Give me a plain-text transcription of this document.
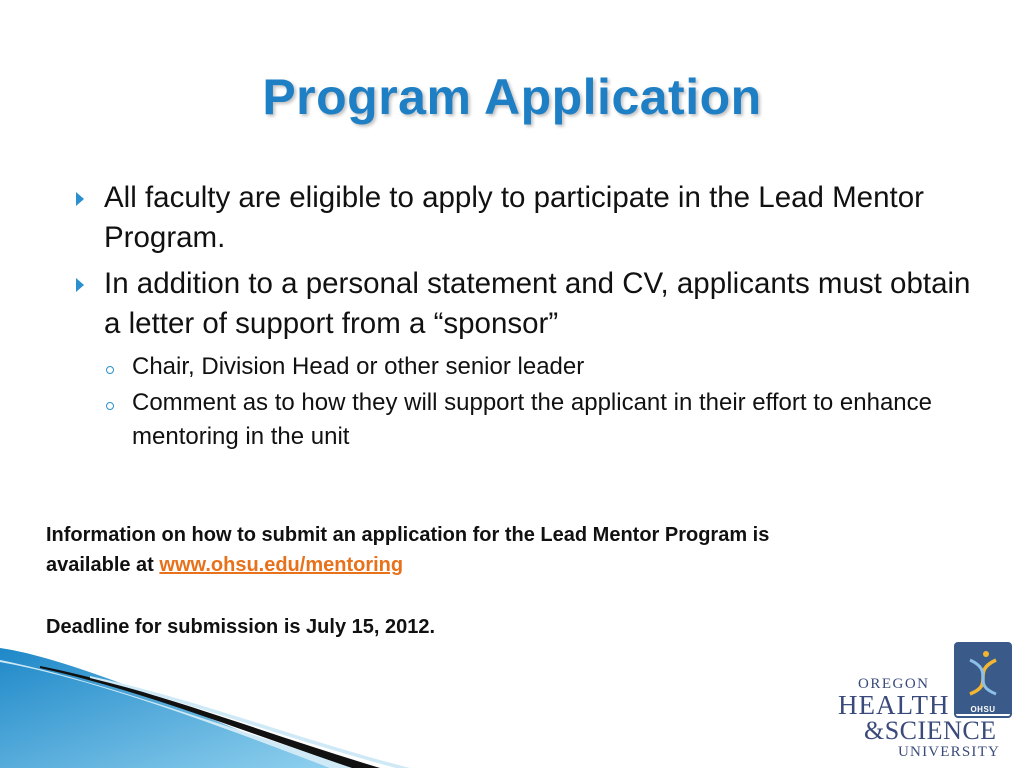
Program Application
All faculty are eligible to apply to participate in the Lead Mentor Program.
In addition to a personal statement and CV, applicants must obtain a letter of support from a “sponsor”
Chair, Division Head or other senior leader
Comment as to how they will support the applicant in their effort to enhance mentoring in the unit
Information on how to submit an application for the Lead Mentor Program is available at www.ohsu.edu/mentoring
Deadline for submission is July 15, 2012.
OHSU
OREGON
HEALTH
&SCIENCE
UNIVERSITY
